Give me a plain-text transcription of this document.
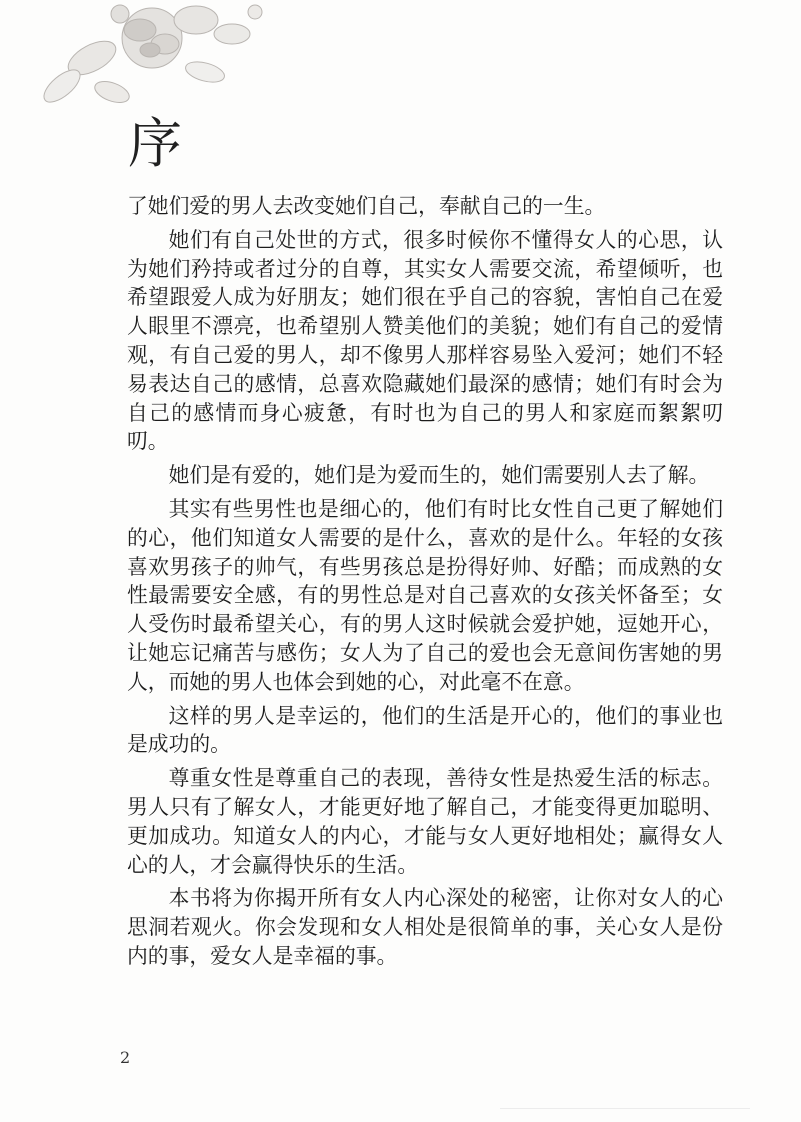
序

了她们爱的男人去改变她们自己，奉献自己的一生。

她们有自己处世的方式，很多时候你不懂得女人的心思，认为她们矜持或者过分的自尊，其实女人需要交流，希望倾听，也希望跟爱人成为好朋友；她们很在乎自己的容貌，害怕自己在爱人眼里不漂亮，也希望别人赞美他们的美貌；她们有自己的爱情观，有自己爱的男人，却不像男人那样容易坠入爱河；她们不轻易表达自己的感情，总喜欢隐藏她们最深的感情；她们有时会为自己的感情而身心疲惫，有时也为自己的男人和家庭而絮絮叨叨。

她们是有爱的，她们是为爱而生的，她们需要别人去了解。

其实有些男性也是细心的，他们有时比女性自己更了解她们的心，他们知道女人需要的是什么，喜欢的是什么。年轻的女孩喜欢男孩子的帅气，有些男孩总是扮得好帅、好酷；而成熟的女性最需要安全感，有的男性总是对自己喜欢的女孩关怀备至；女人受伤时最希望关心，有的男人这时候就会爱护她，逗她开心，让她忘记痛苦与感伤；女人为了自己的爱也会无意间伤害她的男人，而她的男人也体会到她的心，对此毫不在意。

这样的男人是幸运的，他们的生活是开心的，他们的事业也是成功的。

尊重女性是尊重自己的表现，善待女性是热爱生活的标志。男人只有了解女人，才能更好地了解自己，才能变得更加聪明、更加成功。知道女人的内心，才能与女人更好地相处；赢得女人心的人，才会赢得快乐的生活。

本书将为你揭开所有女人内心深处的秘密，让你对女人的心思洞若观火。你会发现和女人相处是很简单的事，关心女人是份内的事，爱女人是幸福的事。

2
